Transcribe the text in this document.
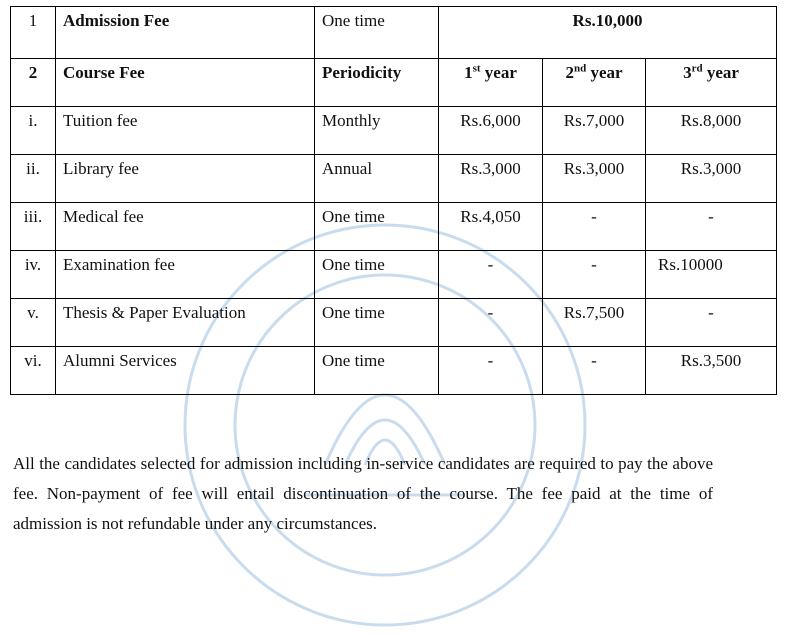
1	Admission Fee	One time	Rs.10,000		
2	Course Fee	Periodicity	1st year	2nd year	3rd year
i.	Tuition fee	Monthly	Rs.6,000	Rs.7,000	Rs.8,000
ii.	Library fee	Annual	Rs.3,000	Rs.3,000	Rs.3,000
iii.	Medical fee	One time	Rs.4,050	-	-
iv.	Examination fee	One time	-	-	Rs.10000
v.	Thesis & Paper Evaluation	One time	-	Rs.7,500	-
vi.	Alumni Services	One time	-	-	Rs.3,500

All the candidates selected for admission including in-service candidates are required to pay the above fee. Non-payment of fee will entail discontinuation of the course. The fee paid at the time of admission is not refundable under any circumstances.
